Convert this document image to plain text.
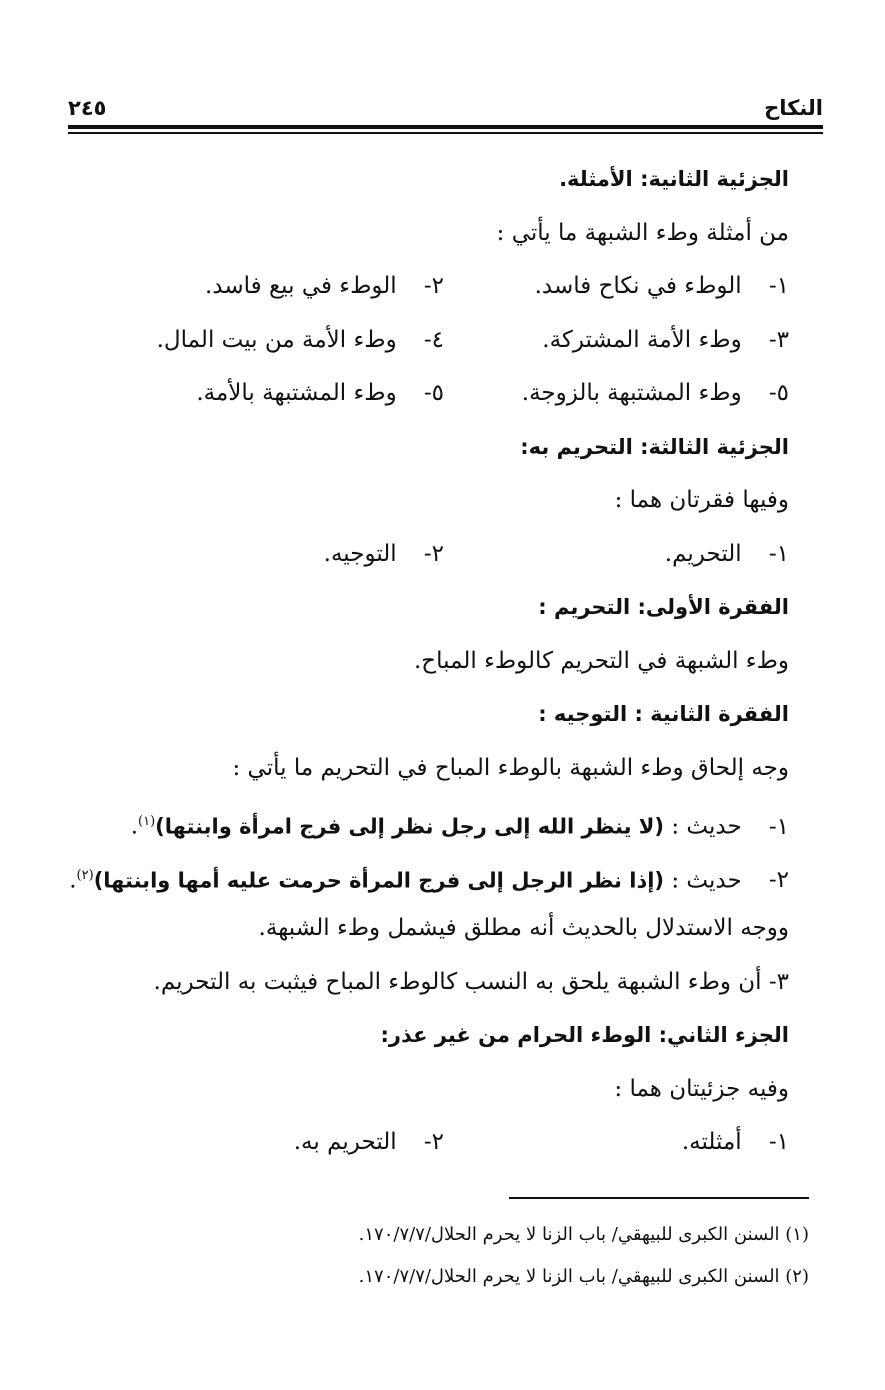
النكاح
٢٤٥
الجزئية الثانية: الأمثلة.
من أمثلة وطء الشبهة ما يأتي :
١- الوطء في نكاح فاسد.
٢- الوطء في بيع فاسد.
٣- وطء الأمة المشتركة.
٤- وطء الأمة من بيت المال.
٥- وطء المشتبهة بالزوجة.
٥- وطء المشتبهة بالأمة.
الجزئية الثالثة: التحريم به:
وفيها فقرتان هما :
١- التحريم.
٢- التوجيه.
الفقرة الأولى: التحريم :
وطء الشبهة في التحريم كالوطء المباح.
الفقرة الثانية : التوجيه :
وجه إلحاق وطء الشبهة بالوطء المباح في التحريم ما يأتي :
١- حديث : (لا ينظر الله إلى رجل نظر إلى فرج امرأة وابنتها)$^{(١)}$.
٢- حديث : (إذا نظر الرجل إلى فرج المرأة حرمت عليه أمها وابنتها)$^{(٢)}$.
ووجه الاستدلال بالحديث أنه مطلق فيشمل وطء الشبهة.
٣- أن وطء الشبهة يلحق به النسب كالوطء المباح فيثبت به التحريم.
الجزء الثاني: الوطء الحرام من غير عذر:
وفيه جزئيتان هما :
١- أمثلته.
٢- التحريم به.
(١) السنن الكبرى للبيهقي/ باب الزنا لا يحرم الحلال/١٧٠/٧/٧.
(٢) السنن الكبرى للبيهقي/ باب الزنا لا يحرم الحلال/١٧٠/٧/٧.
